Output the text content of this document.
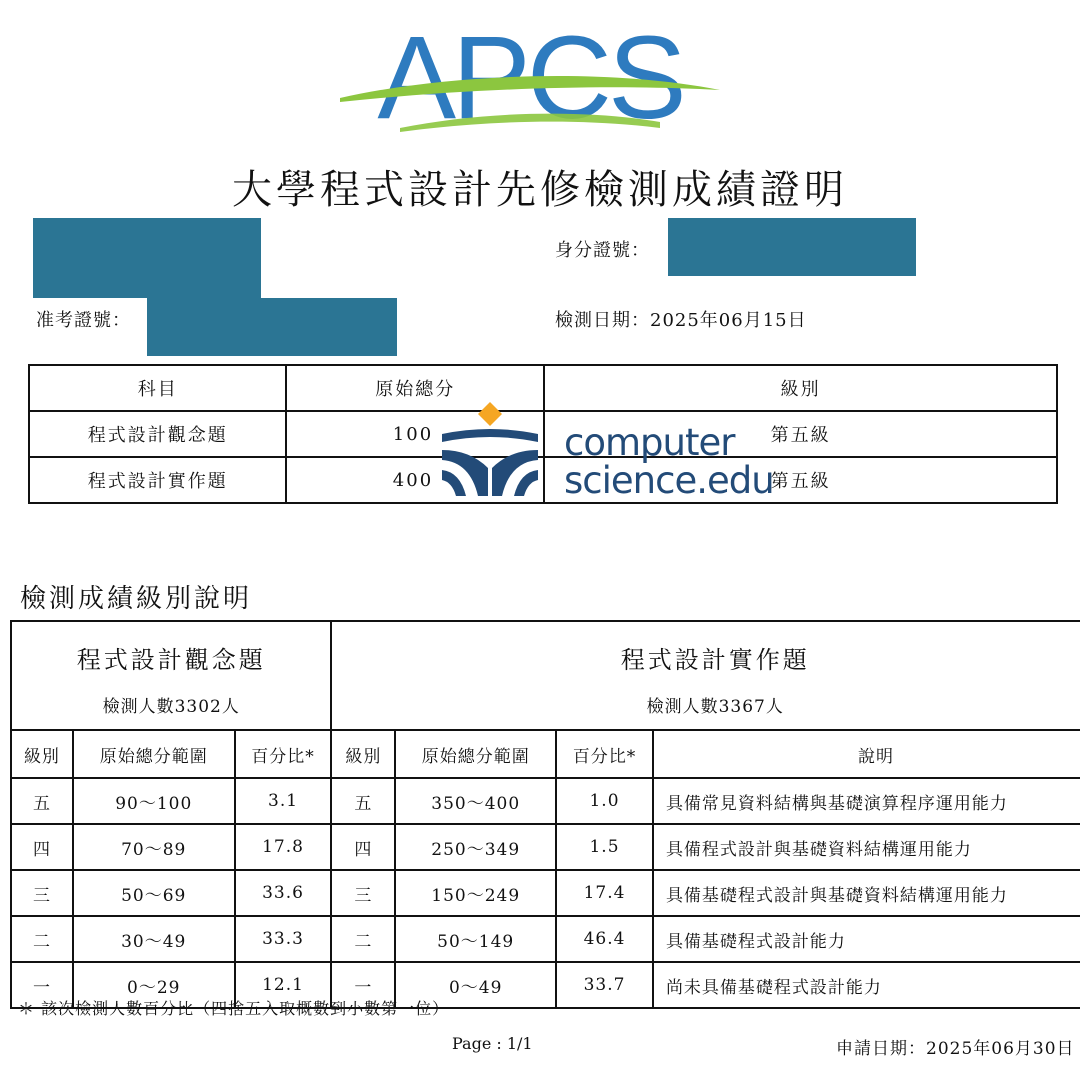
APCS
大學程式設計先修檢測成績證明
身分證號：
准考證號：	檢測日期：2025年06月15日
科目	原始總分	級別
程式設計觀念題	100	第五級
程式設計實作題	400	第五級
computer
science.edu
檢測成績級別說明
程式設計觀念題			程式設計實作題			
檢測人數3302人			檢測人數3367人			
級別	原始總分範圍	百分比*	級別	原始總分範圍	百分比*	說明
五	90～100	3.1	五	350～400	1.0	具備常見資料結構與基礎演算程序運用能力
四	70～89	17.8	四	250～349	1.5	具備程式設計與基礎資料結構運用能力
三	50～69	33.6	三	150～249	17.4	具備基礎程式設計與基礎資料結構運用能力
二	30～49	33.3	二	50～149	46.4	具備基礎程式設計能力
一	0～29	12.1	一	0～49	33.7	尚未具備基礎程式設計能力
＊ 該次檢測人數百分比（四捨五入取概數到小數第一位）
Page : 1/1	申請日期：2025年06月30日
